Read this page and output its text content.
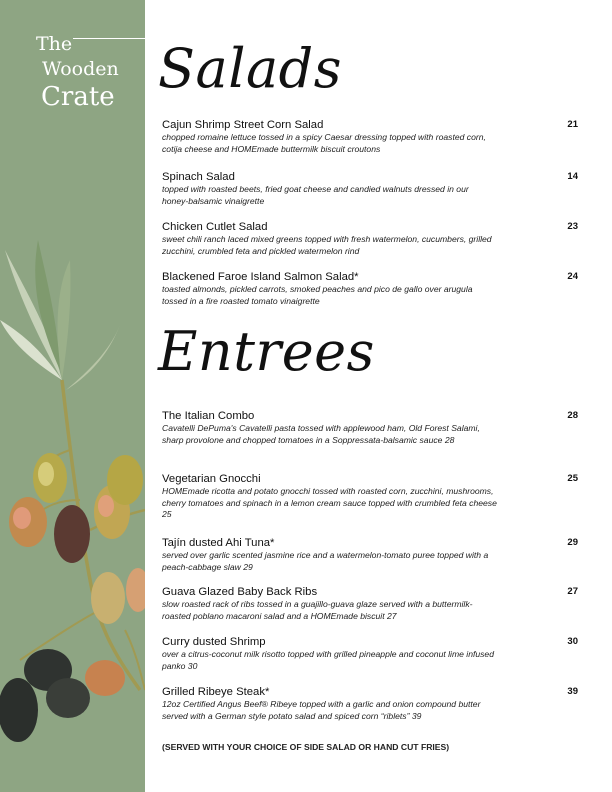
The
Wooden
Crate Salads
Cajun Shrimp Street Corn Salad
chopped romaine lettuce tossed in a spicy Caesar dressing topped with roasted corn, cotija cheese and HOMEmade buttermilk biscuit croutons
21
Spinach Salad
topped with roasted beets, fried goat cheese and candied walnuts dressed in our honey-balsamic vinaigrette
14
Chicken Cutlet Salad
sweet chili ranch laced mixed greens topped with fresh watermelon, cucumbers, grilled zucchini, crumbled feta and pickled watermelon rind
23
Blackened Faroe Island Salmon Salad*
toasted almonds, pickled carrots, smoked peaches and pico de gallo over arugula tossed in a fire roasted tomato vinaigrette
24
Entrees
The Italian Combo
Cavatelli DePuma's Cavatelli pasta tossed with applewood ham, Old Forest Salami, sharp provolone and chopped tomatoes in a Soppressata-balsamic sauce 28
28
Vegetarian Gnocchi
HOMEmade ricotta and potato gnocchi tossed with roasted corn, zucchini, mushrooms, cherry tomatoes and spinach in a lemon cream sauce topped with crumbled feta cheese 25
25
Tajín dusted Ahi Tuna*
served over garlic scented jasmine rice and a watermelon-tomato puree topped with a peach-cabbage slaw 29
29
Guava Glazed Baby Back Ribs
slow roasted rack of ribs tossed in a guajillo-guava glaze served with a buttermilk-roasted poblano macaroni salad and a HOMEmade biscuit 27
27
Curry dusted Shrimp
over a citrus-coconut milk risotto topped with grilled pineapple and coconut lime infused panko 30
30
Grilled Ribeye Steak*
12oz Certified Angus Beef® Ribeye topped with a garlic and onion compound butter served with a German style potato salad and spiced corn “riblets” 39
39
(SERVED WITH YOUR CHOICE OF SIDE SALAD OR HAND CUT FRIES)
